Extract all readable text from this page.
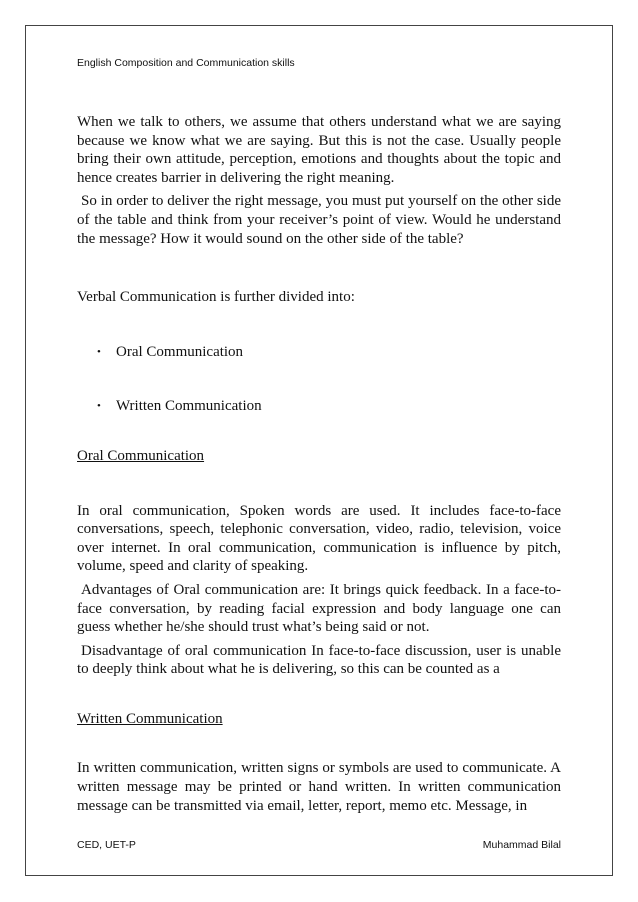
English Composition and Communication skills

When we talk to others, we assume that others understand what we are saying because we know what we are saying. But this is not the case. Usually people bring their own attitude, perception, emotions and thoughts about the topic and hence creates barrier in delivering the right meaning.

So in order to deliver the right message, you must put yourself on the other side of the table and think from your receiver’s point of view. Would he understand the message? How it would sound on the other side of the table?

Verbal Communication is further divided into:

• Oral Communication
• Written Communication

Oral Communication

In oral communication, Spoken words are used. It includes face-to-face conversations, speech, telephonic conversation, video, radio, television, voice over internet. In oral communication, communication is influence by pitch, volume, speed and clarity of speaking.

Advantages of Oral communication are: It brings quick feedback. In a face-to-face conversation, by reading facial expression and body language one can guess whether he/she should trust what’s being said or not.

Disadvantage of oral communication In face-to-face discussion, user is unable to deeply think about what he is delivering, so this can be counted as a

Written Communication

In written communication, written signs or symbols are used to communicate. A written message may be printed or hand written. In written communication message can be transmitted via email, letter, report, memo etc. Message, in

CED, UET-P	Muhammad Bilal
